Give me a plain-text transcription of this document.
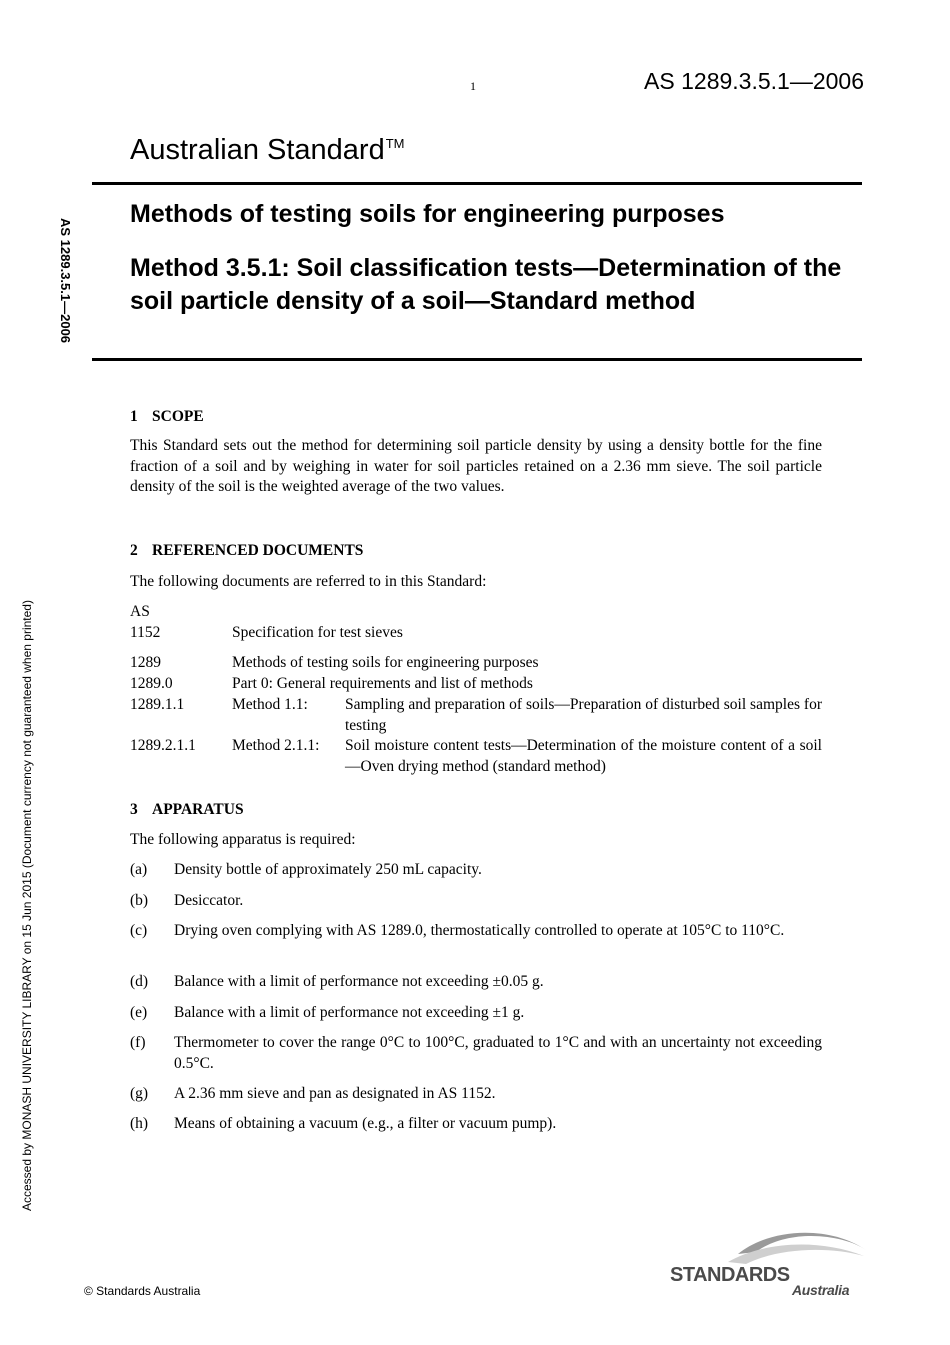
1	AS 1289.3.5.1—2006
Australian Standard™
Methods of testing soils for engineering purposes
Method 3.5.1: Soil classification tests—Determination of the soil particle density of a soil—Standard method
AS 1289.3.5.1—2006
Accessed by MONASH UNIVERSITY LIBRARY on 15 Jun 2015 (Document currency not guaranteed when printed)
1 SCOPE
This Standard sets out the method for determining soil particle density by using a density bottle for the fine fraction of a soil and by weighing in water for soil particles retained on a 2.36 mm sieve. The soil particle density of the soil is the weighted average of the two values.
2 REFERENCED DOCUMENTS
The following documents are referred to in this Standard:
AS
1152	Specification for test sieves
1289	Methods of testing soils for engineering purposes
1289.0	Part 0: General requirements and list of methods
1289.1.1	Method 1.1:	Sampling and preparation of soils—Preparation of disturbed soil samples for testing
1289.2.1.1	Method 2.1.1:	Soil moisture content tests—Determination of the moisture content of a soil—Oven drying method (standard method)
3 APPARATUS
The following apparatus is required:
(a)	Density bottle of approximately 250 mL capacity.
(b)	Desiccator.
(c)	Drying oven complying with AS 1289.0, thermostatically controlled to operate at 105°C to 110°C.
(d)	Balance with a limit of performance not exceeding ±0.05 g.
(e)	Balance with a limit of performance not exceeding ±1 g.
(f)	Thermometer to cover the range 0°C to 100°C, graduated to 1°C and with an uncertainty not exceeding 0.5°C.
(g)	A 2.36 mm sieve and pan as designated in AS 1152.
(h)	Means of obtaining a vacuum (e.g., a filter or vacuum pump).
© Standards Australia
STANDARDS
Australia
